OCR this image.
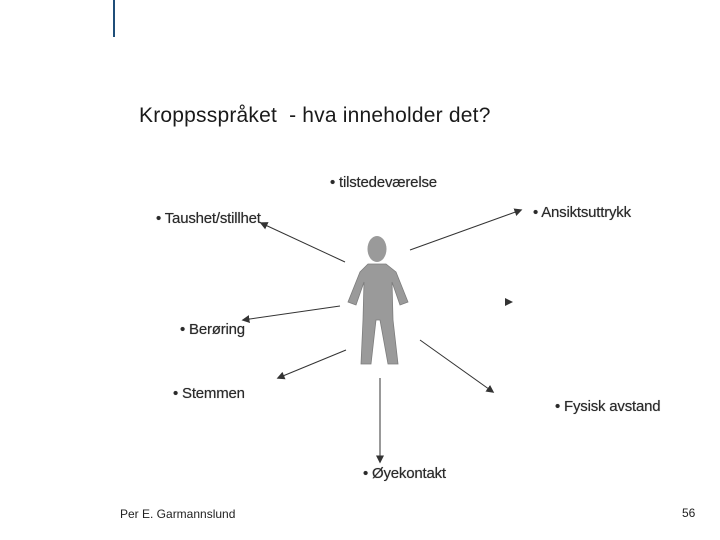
Kroppsspråket  - hva inneholder det?
• tilstedeværelse
• Taushet/stillhet	• Ansiktsuttrykk
• Berøring
• Stemmen
• Fysisk avstand
• Øyekontakt
Per E. Garmannslund	56
